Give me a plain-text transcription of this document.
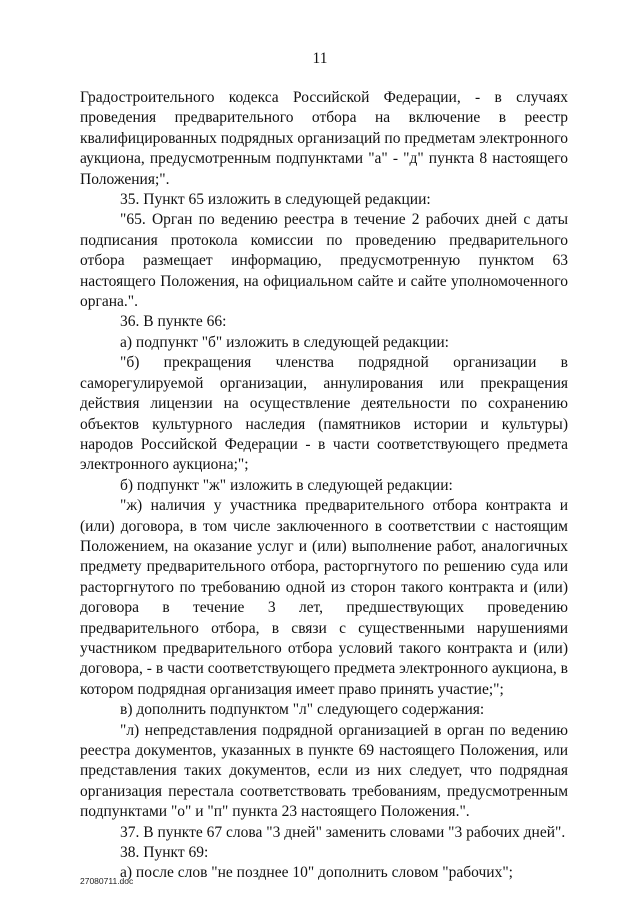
11

Градостроительного кодекса Российской Федерации, - в случаях проведения предварительного отбора на включение в реестр квалифицированных подрядных организаций по предметам электронного аукциона, предусмотренным подпунктами "а" - "д" пункта 8 настоящего Положения;".

35. Пункт 65 изложить в следующей редакции:

"65. Орган по ведению реестра в течение 2 рабочих дней с даты подписания протокола комиссии по проведению предварительного отбора размещает информацию, предусмотренную пунктом 63 настоящего Положения, на официальном сайте и сайте уполномоченного органа.".

36. В пункте 66:

а) подпункт "б" изложить в следующей редакции:

"б) прекращения членства подрядной организации в саморегулируемой организации, аннулирования или прекращения действия лицензии на осуществление деятельности по сохранению объектов культурного наследия (памятников истории и культуры) народов Российской Федерации - в части соответствующего предмета электронного аукциона;";

б) подпункт "ж" изложить в следующей редакции:

"ж) наличия у участника предварительного отбора контракта и (или) договора, в том числе заключенного в соответствии с настоящим Положением, на оказание услуг и (или) выполнение работ, аналогичных предмету предварительного отбора, расторгнутого по решению суда или расторгнутого по требованию одной из сторон такого контракта и (или) договора в течение 3 лет, предшествующих проведению предварительного отбора, в связи с существенными нарушениями участником предварительного отбора условий такого контракта и (или) договора, - в части соответствующего предмета электронного аукциона, в котором подрядная организация имеет право принять участие;";

в) дополнить подпунктом "л" следующего содержания:

"л) непредставления подрядной организацией в орган по ведению реестра документов, указанных в пункте 69 настоящего Положения, или представления таких документов, если из них следует, что подрядная организация перестала соответствовать требованиям, предусмотренным подпунктами "о" и "п" пункта 23 настоящего Положения.".

37. В пункте 67 слова "3 дней" заменить словами "3 рабочих дней".

38. Пункт 69:

а) после слов "не позднее 10" дополнить словом "рабочих";

27080711.doc
